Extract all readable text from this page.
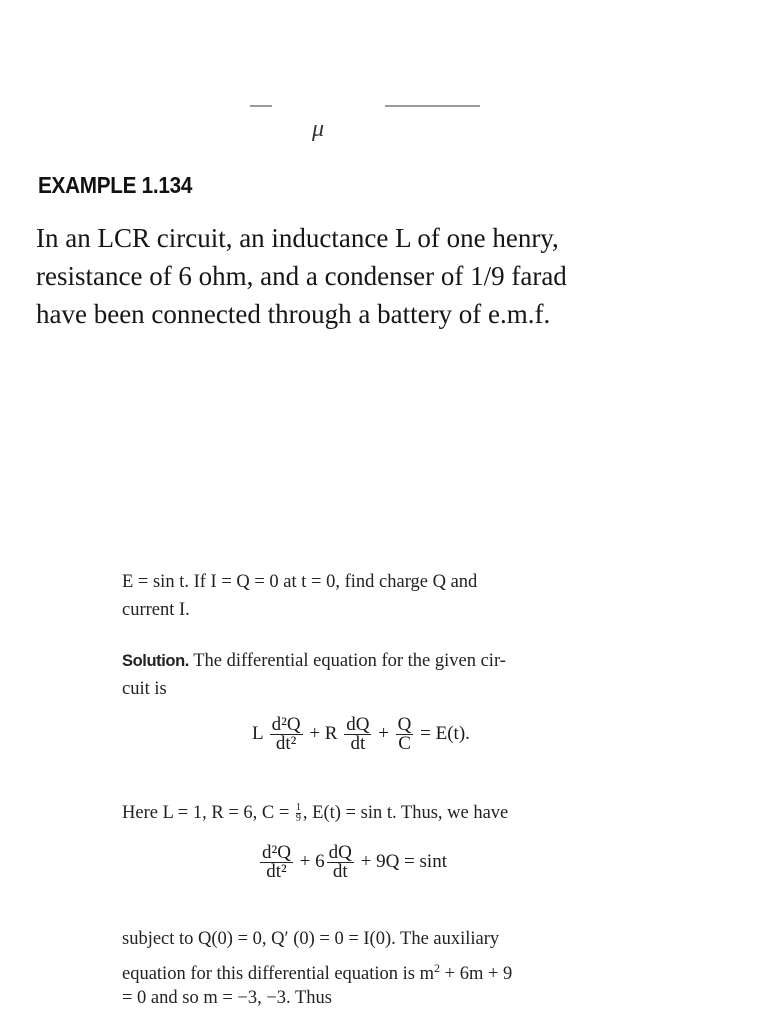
μ
EXAMPLE 1.134
In an LCR circuit, an inductance L of one henry,
resistance of 6 ohm, and a condenser of 1/9 farad
have been connected through a battery of e.m.f.
E = sin t. If I = Q = 0 at t = 0, find charge Q and
current I.
Solution. The differential equation for the given cir-
cuit is
L $\frac{\text{d²Q}}{\text{dt²}} + R \frac{dQ}{dt} + \frac{Q}{C} = E(t)$.
Here L = 1, R = 6, $C = \frac{1}{9}$ , E(t) = sin t. Thus, we have
$\frac{\text{d²Q}}{\text{dt²}} + 6 \frac{dQ}{dt} + 9Q = \sin t$
subject to Q(0) = 0, Q′ (0) = 0 = I(0). The auxiliary
equation for this differential equation is $m^2 + 6m + 9$
= 0 and so m = −3, −3. Thus
